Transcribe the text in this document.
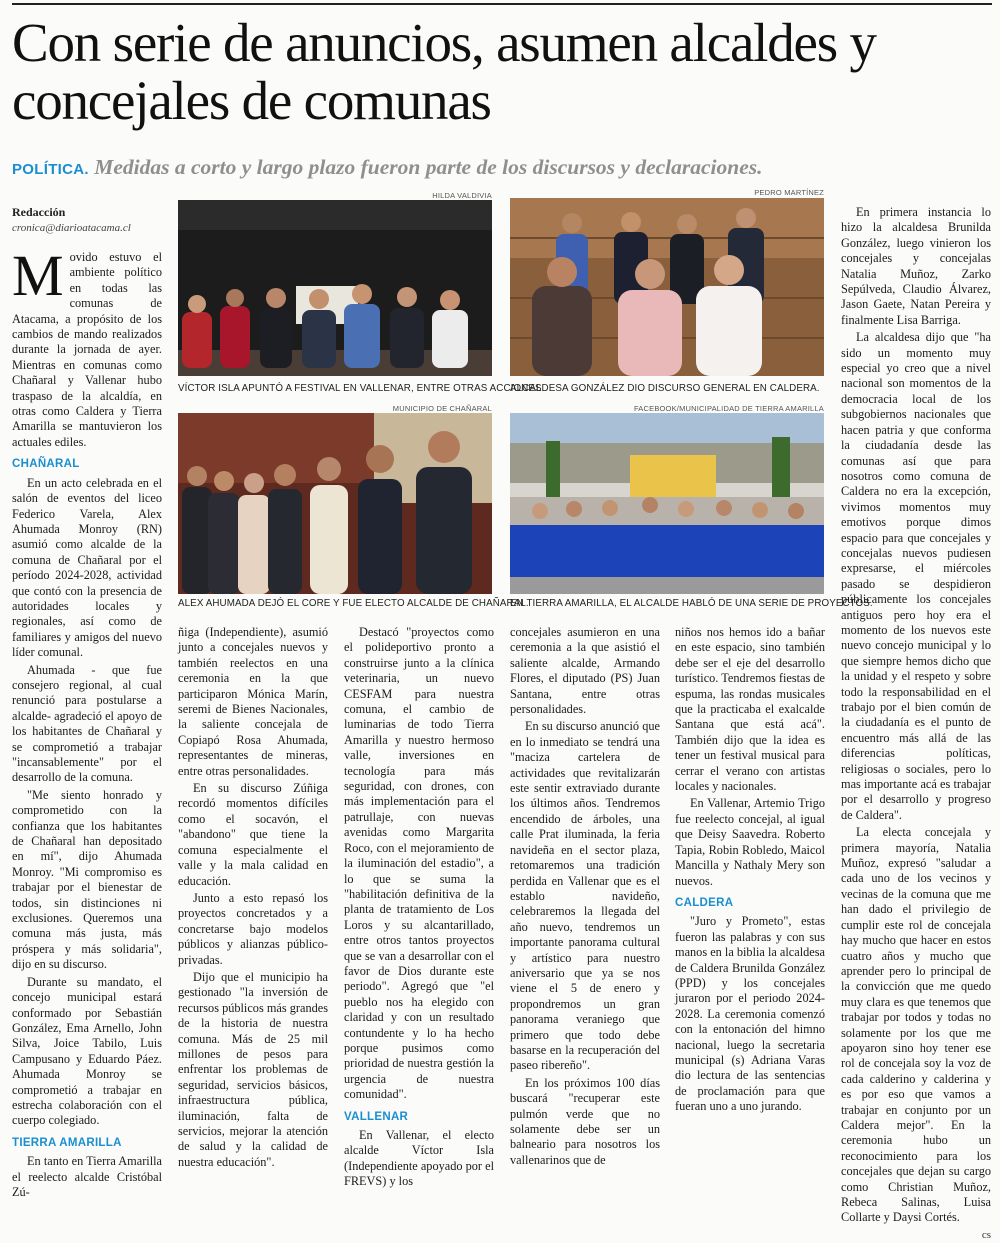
Con serie de anuncios, asumen alcaldes y concejales de comunas
POLÍTICA. Medidas a corto y largo plazo fueron parte de los discursos y declaraciones.
Redacción
cronica@diarioatacama.cl

Movido estuvo el ambiente político en todas las comunas de Atacama, a propósito de los cambios de mando realizados durante la jornada de ayer. Mientras en comunas como Chañaral y Vallenar hubo traspaso de la alcaldía, en otras como Caldera y Tierra Amarilla se mantuvieron los actuales ediles.

CHAÑARAL

En un acto celebrada en el salón de eventos del liceo Federico Varela, Alex Ahumada Monroy (RN) asumió como alcalde de la comuna de Chañaral por el período 2024-2028, actividad que contó con la presencia de autoridades locales y regionales, así como de familiares y amigos del nuevo líder comunal.

Ahumada - que fue consejero regional, al cual renunció para postularse a alcalde- agradeció el apoyo de los habitantes de Chañaral y se comprometió a trabajar "incansablemente" por el desarrollo de la comuna.

"Me siento honrado y comprometido con la confianza que los habitantes de Chañaral han depositado en mí", dijo Ahumada Monroy. "Mi compromiso es trabajar por el bienestar de todos, sin distinciones ni exclusiones. Queremos una comuna más justa, más próspera y más solidaria", dijo en su discurso.

Durante su mandato, el concejo municipal estará conformado por Sebastián González, Ema Arnello, John Silva, Joice Tabilo, Luis Campusano y Eduardo Páez. Ahumada Monroy se comprometió a trabajar en estrecha colaboración con el cuerpo colegiado.

TIERRA AMARILLA

En tanto en Tierra Amarilla el reelecto alcalde Cristóbal Zú-

HILDA VALDIVIA
VÍCTOR ISLA APUNTÓ A FESTIVAL EN VALLENAR, ENTRE OTRAS ACCIONES.
PEDRO MARTÍNEZ
ALCALDESA GONZÁLEZ DIO DISCURSO GENERAL EN CALDERA.
MUNICIPIO DE CHAÑARAL
ALEX AHUMADA DEJÓ EL CORE Y FUE ELECTO ALCALDE DE CHAÑARAL.
FACEBOOK/MUNICIPALIDAD DE TIERRA AMARILLA
EN TIERRA AMARILLA, EL ALCALDE HABLÓ DE UNA SERIE DE PROYECTOS.

ñiga (Independiente), asumió junto a concejales nuevos y también reelectos en una ceremonia en la que participaron Mónica Marín, seremi de Bienes Nacionales, la saliente concejala de Copiapó Rosa Ahumada, representantes de mineras, entre otras personalidades.

En su discurso Zúñiga recordó momentos difíciles como el socavón, el "abandono" que tiene la comuna especialmente el valle y la mala calidad en educación.

Junto a esto repasó los proyectos concretados y a concretarse bajo modelos públicos y alianzas público-privadas.

Dijo que el municipio ha gestionado "la inversión de recursos públicos más grandes de la historia de nuestra comuna. Más de 25 mil millones de pesos para enfrentar los problemas de seguridad, servicios básicos, infraestructura pública, iluminación, falta de servicios, mejorar la atención de salud y la calidad de nuestra educación".

Destacó "proyectos como el polideportivo pronto a construirse junto a la clínica veterinaria, un nuevo CESFAM para nuestra comuna, el cambio de luminarias de todo Tierra Amarilla y nuestro hermoso valle, inversiones en tecnología para más seguridad, con drones, con más implementación para el patrullaje, con nuevas avenidas como Margarita Roco, con el mejoramiento de la iluminación del estadio", a lo que se suma la "habilitación definitiva de la planta de tratamiento de Los Loros y su alcantarillado, entre otros tantos proyectos que se van a desarrollar con el favor de Dios durante este periodo". Agregó que "el pueblo nos ha elegido con claridad y con un resultado contundente y lo ha hecho porque pusimos como prioridad de nuestra gestión la urgencia de nuestra comunidad".

VALLENAR

En Vallenar, el electo alcalde Víctor Isla (Independiente apoyado por el FREVS) y los

concejales asumieron en una ceremonia a la que asistió el saliente alcalde, Armando Flores, el diputado (PS) Juan Santana, entre otras personalidades.

En su discurso anunció que en lo inmediato se tendrá una "maciza cartelera de actividades que revitalizarán este sentir extraviado durante los últimos años. Tendremos encendido de árboles, una calle Prat iluminada, la feria navideña en el sector plaza, retomaremos una tradición perdida en Vallenar que es el establo navideño, celebraremos la llegada del año nuevo, tendremos un importante panorama cultural y artístico para nuestro aniversario que ya se nos viene el 5 de enero y propondremos un gran panorama veraniego que primero que todo debe basarse en la recuperación del paseo ribereño".

En los próximos 100 días buscará "recuperar este pulmón verde que no solamente debe ser un balneario para nosotros los vallenarinos que de

niños nos hemos ido a bañar en este espacio, sino también debe ser el eje del desarrollo turístico. Tendremos fiestas de espuma, las rondas musicales que la practicaba el exalcalde Santana que está acá". También dijo que la idea es tener un festival musical para cerrar el verano con artistas locales y nacionales.

En Vallenar, Artemio Trigo fue reelecto concejal, al igual que Deisy Saavedra. Roberto Tapia, Robin Robledo, Maicol Mancilla y Nathaly Mery son nuevos.

CALDERA

"Juro y Prometo", estas fueron las palabras y con sus manos en la biblia la alcaldesa de Caldera Brunilda González (PPD) y los concejales juraron por el periodo 2024-2028. La ceremonia comenzó con la entonación del himno nacional, luego la secretaria municipal (s) Adriana Varas dio lectura de las sentencias de proclamación para que fueran uno a uno jurando.

En primera instancia lo hizo la alcaldesa Brunilda González, luego vinieron los concejales y concejalas Natalia Muñoz, Zarko Sepúlveda, Claudio Álvarez, Jason Gaete, Natan Pereira y finalmente Lisa Barriga.

La alcaldesa dijo que "ha sido un momento muy especial yo creo que a nivel nacional son momentos de la democracia local de los subgobiernos nacionales que hacen patria y que conforma la ciudadanía desde las comunas así que para nosotros como comuna de Caldera no era la excepción, vivimos momentos muy emotivos porque dimos espacio para que concejales y concejalas nuevos pudiesen expresarse, el miércoles pasado se despidieron públicamente los concejales antiguos pero hoy era el momento de los nuevos este nuevo concejo municipal y lo que siempre hemos dicho que la unidad y el respeto y sobre todo la responsabilidad en el trabajo por el bien común de la ciudadanía es el punto de encuentro más allá de las diferencias políticas, religiosas o sociales, pero lo mas importante acá es trabajar por el desarrollo y progreso de Caldera".

La electa concejala y primera mayoría, Natalia Muñoz, expresó "saludar a cada uno de los vecinos y vecinas de la comuna que me han dado el privilegio de cumplir este rol de concejala hay mucho que hacer en estos cuatro años y mucho que aprender pero lo principal de la convicción que me quedo muy clara es que tenemos que trabajar por todos y todas no solamente por los que me apoyaron sino hoy tener ese rol de concejala soy la voz de cada calderino y calderina y es por eso que vamos a trabajar en conjunto por un Caldera mejor". En la ceremonia hubo un reconocimiento para los concejales que dejan su cargo como Christian Muñoz, Rebeca Salinas, Luisa Collarte y Daysi Cortés.

cs
